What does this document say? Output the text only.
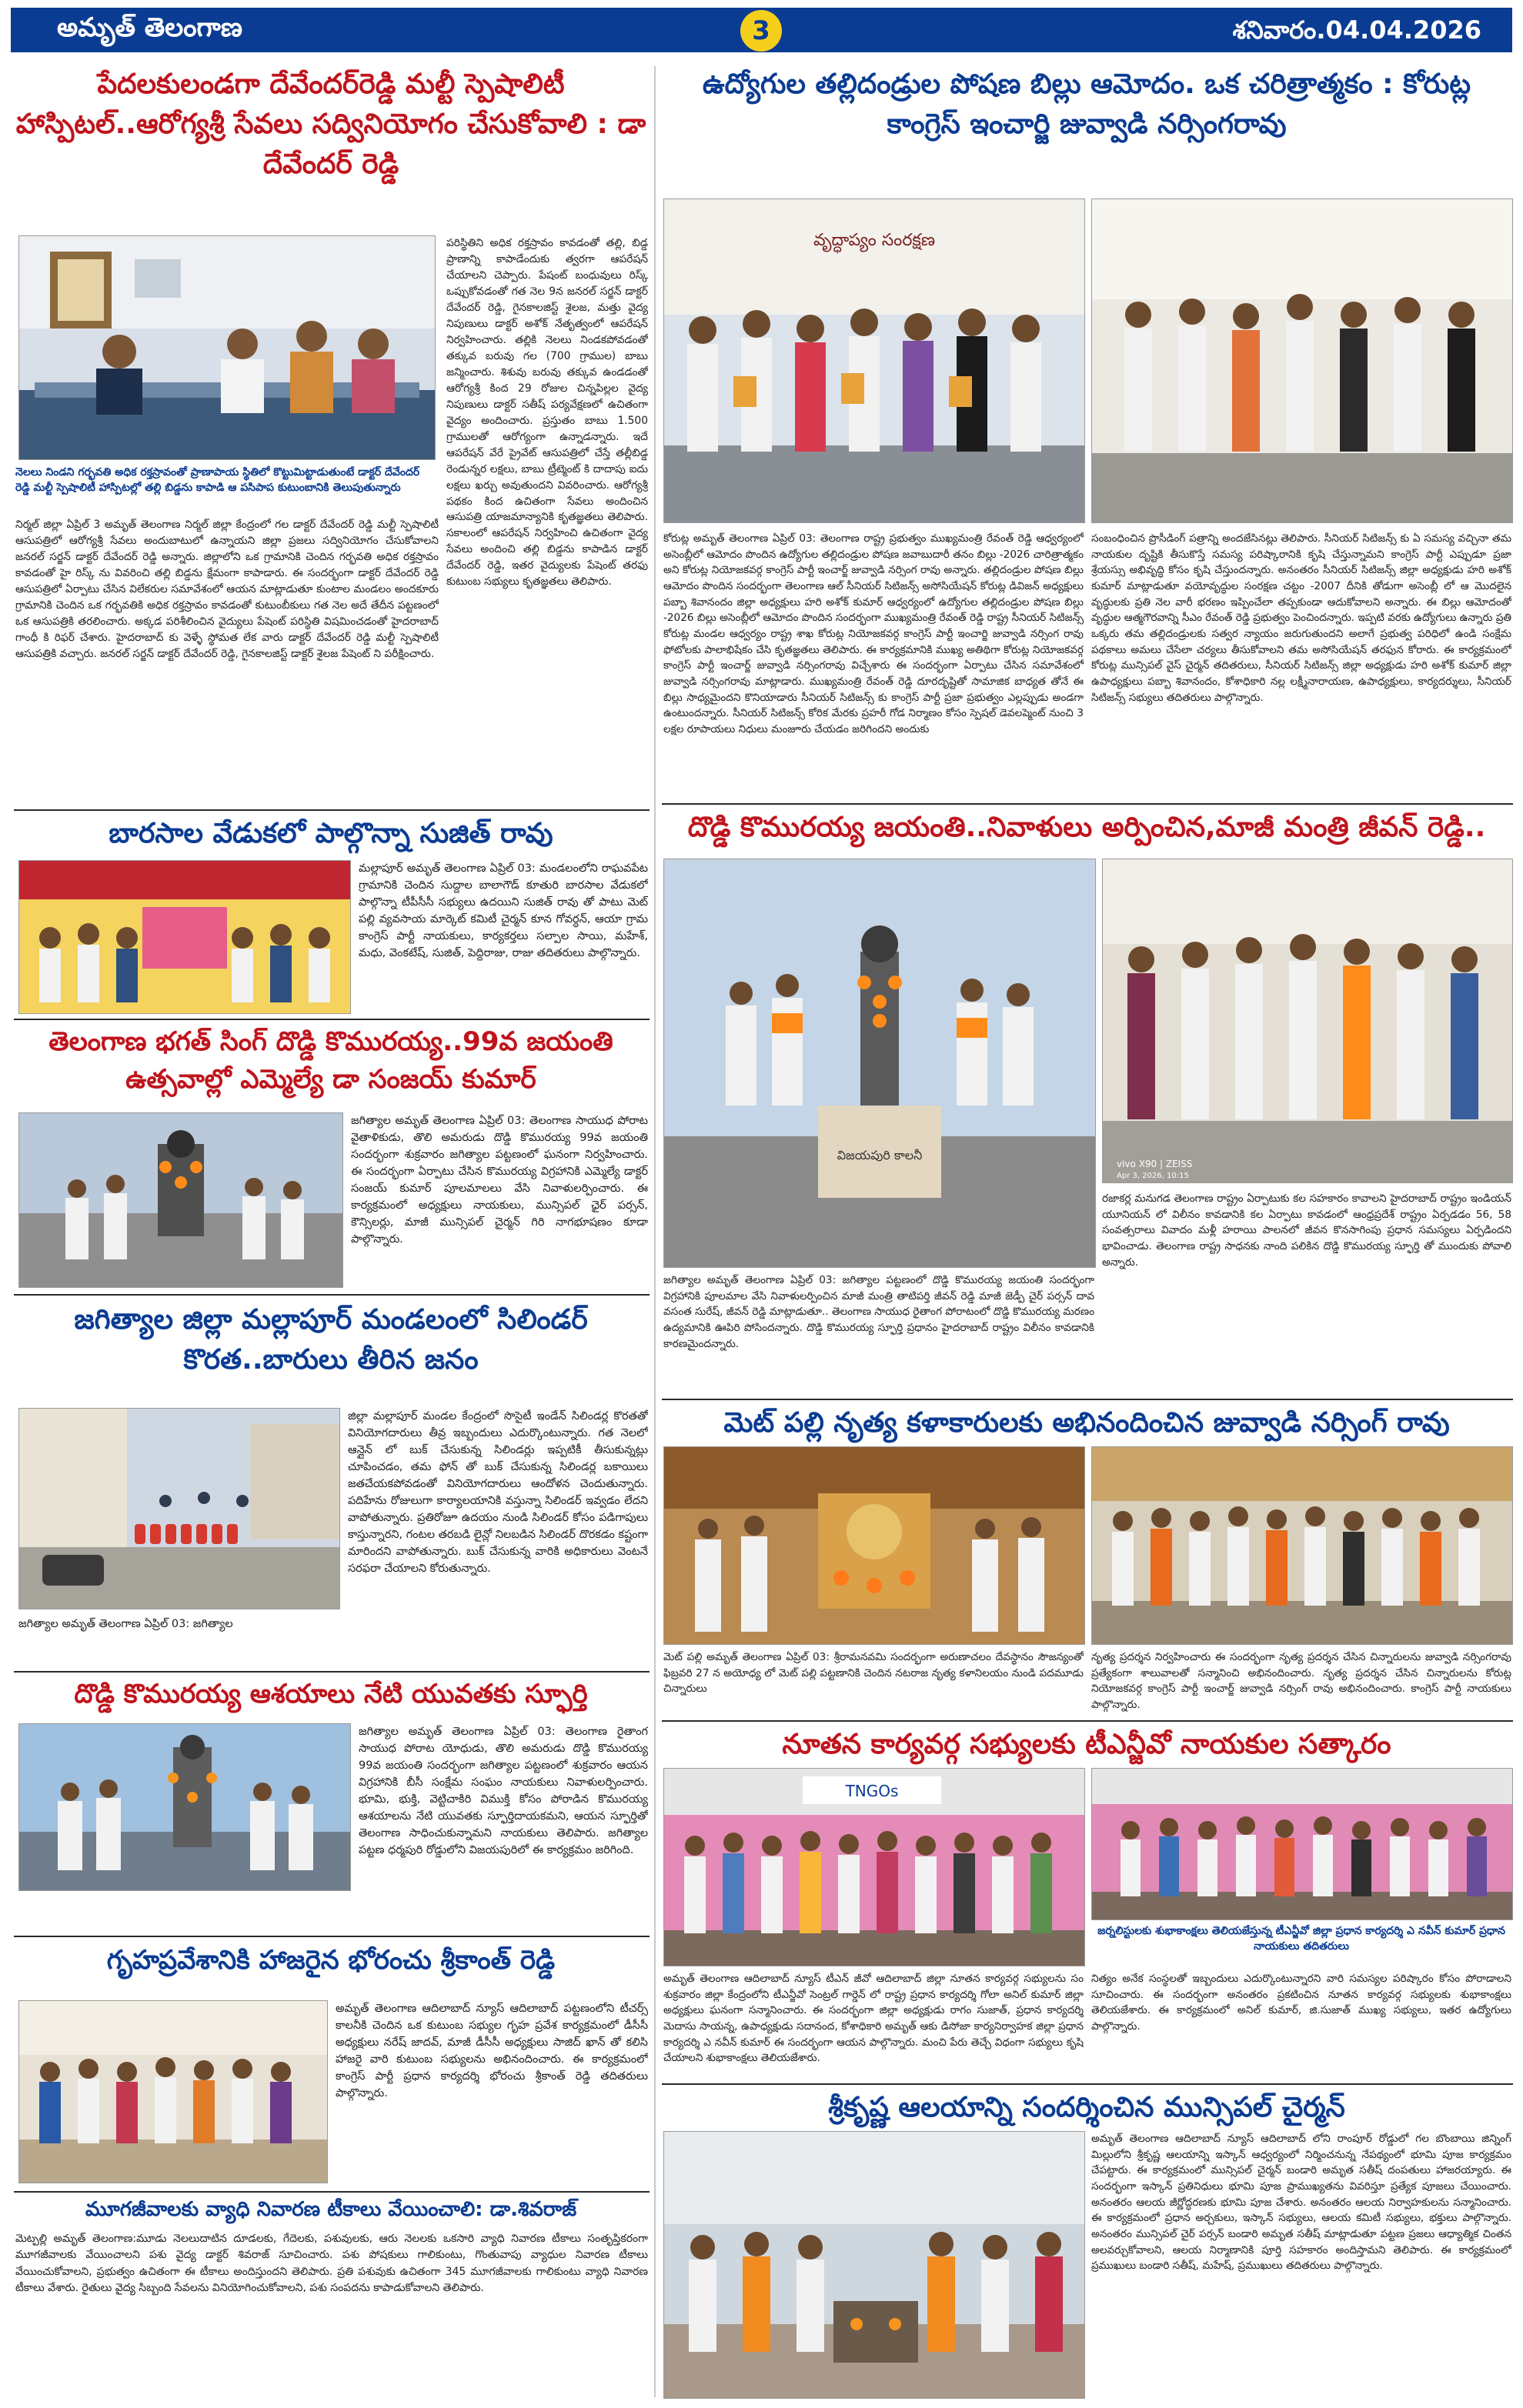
అమృత్ తెలంగాణ	3	శనివారం.04.04.2026
పేదలకులండగా దేవేందర్‌రెడ్డి మల్టీ స్పెషాలిటీ హాస్పిటల్..ఆరోగ్యశ్రీ సేవలు సద్వినియోగం చేసుకోవాలి : డా దేవేందర్ రెడ్డి
నెలలు నిండని గర్భవతి అధిక రక్తస్రావంతో ప్రాణాపాయ స్థితిలో కొట్టుమిట్టాడుతుంటే డాక్టర్ దేవేందర్ రెడ్డి మల్టీ స్పెషాలిటీ హాస్పిటల్లో తల్లి బిడ్డను కాపాడి ఆ పసిపాప కుటుంబానికి తెలుపుతున్నారు
పరిస్థితిని అధిక రక్తస్రావం కావడంతో తల్లి, బిడ్డ ప్రాణాన్ని కాపాడేందుకు త్వరగా ఆపరేషన్ చేయాలని చెప్పారు. పేషంట్ బంధువులు రిస్క్ ఒప్పుకోవడంతో గత నెల 9న జనరల్ సర్జన్ డాక్టర్ దేవేందర్ రెడ్డి, గైనకాలజిస్ట్ శైలజ, మత్తు వైద్య నిపుణులు డాక్టర్ అశోక్ నేతృత్వంలో ఆపరేషన్ నిర్వహించారు. తల్లికి నెలలు నిండకపోవడంతో తక్కువ బరువు గల (700 గ్రాముల) బాబు జన్మించారు. శిశువు బరువు తక్కువ ఉండడంతో ఆరోగ్యశ్రీ కింద 29 రోజుల చిన్నపిల్లల వైద్య నిపుణులు డాక్టర్ సతీష్ పర్యవేక్షణలో ఉచితంగా వైద్యం అందించారు. ప్రస్తుతం బాబు 1.500 గ్రాములతో ఆరోగ్యంగా ఉన్నాడన్నారు. ఇదే ఆపరేషన్ వేరే ప్రైవేట్ ఆసుపత్రిలో చేస్తే తల్లీబిడ్డ రెండున్నర లక్షలు, బాబు ట్రీట్మెంట్ కి దాదాపు ఐదు లక్షలు ఖర్చు అవుతుందని వివరించారు. ఆరోగ్యశ్రీ పథకం కింద ఉచితంగా సేవలు అందించిన ఆసుపత్రి యాజమాన్యానికి కృతజ్ఞతలు తెలిపారు. సకాలంలో ఆపరేషన్ నిర్వహించి ఉచితంగా వైద్య సేవలు అందించి తల్లి బిడ్డను కాపాడిన డాక్టర్ దేవేందర్ రెడ్డి, ఇతర వైద్యులకు పేషెంట్ తరఫు కుటుంబ సభ్యులు కృతజ్ఞతలు తెలిపారు.
నిర్మల్ జిల్లా ఏప్రిల్ 3 అమృత్ తెలంగాణ నిర్మల్ జిల్లా కేంద్రంలో గల డాక్టర్ దేవేందర్ రెడ్డి మల్టీ స్పెషాలిటీ ఆసుపత్రిలో ఆరోగ్యశ్రీ సేవలు అందుబాటులో ఉన్నాయని జిల్లా ప్రజలు సద్వినియోగం చేసుకోవాలని జనరల్ సర్జన్ డాక్టర్ దేవేందర్ రెడ్డి అన్నారు. జిల్లాలోని ఒక గ్రామానికి చెందిన గర్భవతి అధిక రక్తస్రావం కావడంతో హై రిస్క్ ను వివరించి తల్లి బిడ్డను క్షేమంగా కాపాడారు. ఈ సందర్భంగా డాక్టర్ దేవేందర్ రెడ్డి ఆసుపత్రిలో ఏర్పాటు చేసిన విలేకరుల సమావేశంలో ఆయన మాట్లాడుతూ కుంటాల మండలం అందకూరు గ్రామానికి చెందిన ఒక గర్భవతికి అధిక రక్తస్రావం కావడంతో కుటుంబీకులు గత నెల అదే తేదీన పట్టణంలో ఒక ఆసుపత్రికి తరలించారు. అక్కడ పరిశీలించిన వైద్యులు పేషెంట్ పరిస్థితి విషమించడంతో హైదరాబాద్ గాంధీ కి రిఫర్ చేశారు. హైదరాబాద్ కు వెళ్ళే స్థోమత లేక వారు డాక్టర్ దేవేందర్ రెడ్డి మల్టీ స్పెషాలిటీ ఆసుపత్రికి వచ్చారు. జనరల్ సర్జన్ డాక్టర్ దేవేందర్ రెడ్డి, గైనకాలజిస్ట్ డాక్టర్ శైలజ పేషెంట్ ని పరీక్షించారు.
బారసాల వేడుకలో పాల్గొన్నా సుజిత్ రావు
మల్లాపూర్ అమృత్ తెలంగాణ ఏప్రిల్ 03: మండలంలోని రాఘవపేట గ్రామానికి చెందిన సుద్దాల బాలాగౌడ్ కూతురి బారసాల వేడుకలో పాల్గొన్నా టీపీసీసీ సభ్యులు ఉదయిని సుజిత్ రావు తో పాటు మెట్ పల్లి వ్యవసాయ మార్కెట్ కమిటీ చైర్మన్ కూన గోవర్ధన్, ఆయా గ్రామ కాంగ్రెస్ పార్టీ నాయకులు, కార్యకర్తలు సల్పాల సాయి, మహేశ్, మధు, వెంకటేష్, సుజిత్, పెద్దిరాజు, రాజు తదితరులు పాల్గొన్నారు.
తెలంగాణ భగత్ సింగ్ దొడ్డి కొమురయ్య..99వ జయంతి ఉత్సవాల్లో ఎమ్మెల్యే డా సంజయ్ కుమార్
జగిత్యాల అమృత్ తెలంగాణ ఏప్రిల్ 03: తెలంగాణ సాయుధ పోరాట వైతాళికుడు, తొలి అమరుడు దొడ్డి కొమురయ్య 99వ జయంతి సందర్భంగా శుక్రవారం జగిత్యాల పట్టణంలో ఘనంగా నిర్వహించారు. ఈ సందర్భంగా ఏర్పాటు చేసిన కొమురయ్య విగ్రహానికి ఎమ్మెల్యే డాక్టర్ సంజయ్ కుమార్ పూలమాలలు వేసి నివాళులర్పించారు. ఈ కార్యక్రమంలో అధ్యక్షులు నాయకులు, మున్సిపల్ ఛైర్ పర్సన్, కౌన్సిలర్లు, మాజీ మున్సిపల్ చైర్మన్ గిరి నాగభూషణం కూడా పాల్గొన్నారు.
జగిత్యాల జిల్లా మల్లాపూర్ మండలంలో సిలిండర్ కొరత..బారులు తీరిన జనం
జిల్లా మల్లాపూర్ మండల కేంద్రంలో సొసైటీ ఇండేన్ సిలిండర్ల కొరతతో వినియోగదారులు తీవ్ర ఇబ్బందులు ఎదుర్కొంటున్నారు. గత నెలలో ఆన్లైన్ లో బుక్ చేసుకున్న సిలిండర్లు ఇప్పటికీ తీసుకున్నట్లు చూపించడం, తమ ఫోన్ తో బుక్ చేసుకున్న సిలిండర్ల బకాయిలు జతచేయకపోవడంతో వినియోగదారులు ఆందోళన చెందుతున్నారు. పదిహేను రోజులుగా కార్యాలయానికి వస్తున్నా సిలిండర్ ఇవ్వడం లేదని వాపోతున్నారు. ప్రతిరోజూ ఉదయం నుండి సిలిండర్ కోసం పడిగాపులు కాస్తున్నారని, గంటల తరబడి లైన్లో నిలబడిన సిలిండర్ దొరకడం కష్టంగా మారిందని వాపోతున్నారు. బుక్ చేసుకున్న వారికి అధికారులు వెంటనే సరఫరా చేయాలని కోరుతున్నారు.
జగిత్యాల అమృత్ తెలంగాణ ఏప్రిల్ 03: జగిత్యాల
దొడ్డి కొమురయ్య ఆశయాలు నేటి యువతకు స్ఫూర్తి
జగిత్యాల అమృత్ తెలంగాణ ఏప్రిల్ 03: తెలంగాణ రైతాంగ సాయుధ పోరాట యోధుడు, తొలి అమరుడు దొడ్డి కొమురయ్య 99వ జయంతి సందర్భంగా జగిత్యాల పట్టణంలో శుక్రవారం ఆయన విగ్రహానికి బీసీ సంక్షేమ సంఘం నాయకులు నివాళులర్పించారు. భూమి, భుక్తి, వెట్టిచాకిరి విముక్తి కోసం పోరాడిన కొమురయ్య ఆశయాలను నేటి యువతకు స్ఫూర్తిదాయకమని, ఆయన స్ఫూర్తితో తెలంగాణ సాధించుకున్నామని నాయకులు తెలిపారు. జగిత్యాల పట్టణ ధర్మపురి రోడ్డులోని విజయపురిలో ఈ కార్యక్రమం జరిగింది.
గృహప్రవేశానికి హాజరైన భోరంచు శ్రీకాంత్ రెడ్డి
అమృత్ తెలంగాణ ఆదిలాబాద్ న్యూస్ ఆదిలాబాద్ పట్టణంలోని టీచర్స్ కాలనీకి చెందిన ఒక కుటుంబ సభ్యుల గృహ ప్రవేశ కార్యక్రమంలో డీసీసీ అధ్యక్షులు నరేష్ జాదవ్, మాజీ డీసీసీ అధ్యక్షులు సాజిద్ ఖాన్ తో కలిసి హాజరై వారి కుటుంబ సభ్యులను అభినందించారు. ఈ కార్యక్రమంలో కాంగ్రెస్ పార్టీ ప్రధాన కార్యదర్శి భోరంచు శ్రీకాంత్ రెడ్డి తదితరులు పాల్గొన్నారు.
మూగజీవాలకు వ్యాధి నివారణ టీకాలు వేయించాలి: డా.శివరాజ్
మెట్పల్లి అమృత్ తెలంగాణ:మూడు నెలలుదాటిన దూడలకు, గేదెలకు, పశువులకు, ఆరు నెలలకు ఒకసారి వ్యాధి నివారణ టీకాలు సంతృప్తికరంగా మూగజీవాలకు వేయించాలని పశు వైద్య డాక్టర్ శివరాజ్ సూచించారు. పశు పోషకులు గాలికుంటు, గొంతువాపు వ్యాధుల నివారణ టీకాలు వేయించుకోవాలని, ప్రభుత్వం ఉచితంగా ఈ టీకాలు అందిస్తుందని తెలిపారు. ప్రతి పశువుకు ఉచితంగా 345 మూగజీవాలకు గాలికుంటు వ్యాధి నివారణ టీకాలు వేశారు. రైతులు వైద్య సిబ్బంది సేవలను వినియోగించుకోవాలని, పశు సంపదను కాపాడుకోవాలని తెలిపారు.
ఉద్యోగుల తల్లిదండ్రుల పోషణ బిల్లు ఆమోదం. ఒక చరిత్రాత్మకం : కోరుట్ల కాంగ్రెస్ ఇంచార్జి జువ్వాడి నర్సింగరావు
వృద్ధాప్యం సంరక్షణ
కోరుట్ల అమృత్ తెలంగాణ ఏప్రిల్ 03: తెలంగాణ రాష్ట్ర ప్రభుత్వం ముఖ్యమంత్రి రేవంత్ రెడ్డి ఆధ్వర్యంలో అసెంబ్లీలో ఆమోదం పొందిన ఉద్యోగుల తల్లిదండ్రుల పోషణ జవాబుదారీ తనం బిల్లు -2026 చారిత్రాత్మకం అని కోరుట్ల నియోజకవర్గ కాంగ్రెస్ పార్టీ ఇంచార్జ్ జువ్వాడి నర్సింగ రావు అన్నారు. తల్లిదండ్రుల పోషణ బిల్లు ఆమోదం పొందిన సందర్భంగా తెలంగాణ ఆల్ సీనియర్ సిటిజన్స్ అసోసియేషన్ కోరుట్ల డివిజన్ అధ్యక్షులు పబ్బా శివానందం జిల్లా అధ్యక్షులు హరి అశోక్ కుమార్ ఆధ్వర్యంలో ఉద్యోగుల తల్లిదండ్రుల పోషణ బిల్లు -2026 బిల్లు అసెంబ్లీలో ఆమోదం పొందిన సందర్భంగా ముఖ్యమంత్రి రేవంత్ రెడ్డి రాష్ట్ర సీనియర్ సిటిజన్స్ కోరుట్ల మండల ఆధ్వర్యం రాష్ట్ర శాఖ కోరుట్ల నియోజకవర్గ కాంగ్రెస్ పార్టీ ఇంచార్జి జువ్వాడి నర్సింగ రావు ఫోటోలకు పాలాభిషేకం చేసి కృతజ్ఞతలు తెలిపారు. ఈ కార్యక్రమానికి ముఖ్య అతిథిగా కోరుట్ల నియోజకవర్గ కాంగ్రెస్ పార్టీ ఇంచార్జ్ జువ్వాడి నర్సింగరావు విచ్చేశారు ఈ సందర్భంగా ఏర్పాటు చేసిన సమావేశంలో జువ్వాడి నర్సింగరావు మాట్లాడారు. ముఖ్యమంత్రి రేవంత్ రెడ్డి దూరదృష్టితో సామాజిక బాధ్యత తోనే ఈ బిల్లు సాధ్యమైందని కొనియాడారు సీనియర్ సిటిజన్స్ కు కాంగ్రెస్ పార్టీ ప్రజా ప్రభుత్వం ఎల్లప్పుడు అండగా ఉంటుందన్నారు. సీనియర్ సిటిజన్స్ కోరిక మేరకు ప్రహరీ గోడ నిర్మాణం కోసం స్పెషల్ డెవలప్మెంట్ నుంచి 3 లక్షల రూపాయలు నిధులు మంజూరు చేయడం జరిగిందని అందుకు
సంబంధించిన ప్రొసీడింగ్ పత్రాన్ని అందజేసినట్లు తెలిపారు. సీనియర్ సిటిజన్స్ కు ఏ సమస్య వచ్చినా తమ నాయకుల దృష్టికి తీసుకొస్తే సమస్య పరిష్కారానికి కృషి చేస్తున్నామని కాంగ్రెస్ పార్టీ ఎప్పుడూ ప్రజా శ్రేయస్సు అభివృద్ధి కోసం కృషి చేస్తుందన్నారు. అనంతరం సీనియర్ సిటిజన్స్ జిల్లా అధ్యక్షుడు హరి అశోక్ కుమార్ మాట్లాడుతూ వయోవృద్ధుల సంరక్షణ చట్టం -2007 దీనికి తోడుగా అసెంబ్లీ లో ఆ మొదలైన వృద్ధులకు ప్రతి నెల వారీ భరణం ఇప్పించేలా తప్పకుండా ఆదుకోవాలని అన్నారు. ఈ బిల్లు ఆమోదంతో వృద్ధుల ఆత్మగౌరవాన్ని సీఎం రేవంత్ రెడ్డి ప్రభుత్వం పెంచిందన్నారు. ఇప్పటి వరకు ఉద్యోగులు ఉన్నారు ప్రతి ఒక్కరు తమ తల్లిదండ్రులకు సత్వర న్యాయం జరుగుతుందని అలాగే ప్రభుత్వ పరిధిలో ఉండి సంక్షేమ పథకాలు అమలు చేసేలా చర్యలు తీసుకోవాలని తమ అసోసియేషన్ తరఫున కోరారు. ఈ కార్యక్రమంలో కోరుట్ల మున్సిపల్ వైస్ చైర్మన్ తదితరులు, సీనియర్ సిటిజన్స్ జిల్లా అధ్యక్షుడు హరి అశోక్ కుమార్ జిల్లా ఉపాధ్యక్షులు పబ్బా శివానందం, కోశాధికారి నల్ల లక్ష్మీనారాయణ, ఉపాధ్యక్షులు, కార్యదర్శులు, సీనియర్ సిటిజన్స్ సభ్యులు తదితరులు పాల్గొన్నారు.
దొడ్డి కొమురయ్య జయంతి..నివాళులు అర్పించిన,మాజీ మంత్రి జీవన్ రెడ్డి..
విజయపురి కాలనీ
vivo X90 | ZEISS
Apr 3, 2026, 10:15
జగిత్యాల అమృత్ తెలంగాణ ఏప్రిల్ 03: జగిత్యాల పట్టణంలో దొడ్డి కొమురయ్య జయంతి సందర్భంగా విగ్రహానికి పూలమాల వేసి నివాళులర్పించిన మాజీ మంత్రి తాటిపర్తి జీవన్ రెడ్డి మాజీ జెడ్పీ చైర్ పర్సన్ దావ వసంత సురేష్, జీవన్ రెడ్డి మాట్లాడుతూ.. తెలంగాణ సాయుధ రైతాంగ పోరాటంలో దొడ్డి కొమురయ్య మరణం ఉద్యమానికి ఊపిరి పోసిందన్నారు. దొడ్డి కొమురయ్య స్ఫూర్తి ప్రధానం హైదరాబాద్ రాష్ట్రం విలీనం కావడానికి కారణమైందన్నారు.
రజాకర్ల మనుగడ తెలంగాణ రాష్ట్రం ఏర్పాటుకు కల సహకారం కావాలని హైదరాబాద్ రాష్ట్రం ఇండియన్ యూనియన్ లో విలీనం కావడానికి కల ఏర్పాటు కావడంలో ఆంధ్రప్రదేశ్ రాష్ట్రం ఏర్పడడం 56, 58 సంవత్సరాలు వివాదం మళ్లీ హరాయి పాలనలో జీవన కొనసాగింపు ప్రధాన సమస్యలు ఏర్పడిందని భావించాడు. తెలంగాణ రాష్ట్ర సాధనకు నాంది పలికిన దొడ్డి కొమురయ్య స్ఫూర్తి తో ముందుకు పోవాలి అన్నారు.
మెట్ పల్లి నృత్య కళాకారులకు అభినందించిన జువ్వాడి నర్సింగ్ రావు
మెట్ పల్లి అమృత్ తెలంగాణ ఏప్రిల్ 03: శ్రీరామనవమి సందర్భంగా అరుణాచలం దేవస్థానం సౌజన్యంతో ఫిబ్రవరి 27 న అయోధ్య లో మెట్ పల్లి పట్టణానికి చెందిన నటరాజ నృత్య కళానిలయం నుండి పదమూడు చిన్నారులు
నృత్య ప్రదర్శన నిర్వహించారు ఈ సందర్భంగా నృత్య ప్రదర్శన చేసిన చిన్నారులను జువ్వాడి నర్సింగరావు ప్రత్యేకంగా శాలువాలతో సన్మానించి అభినందించారు. నృత్య ప్రదర్శన చేసిన చిన్నారులను కోరుట్ల నియోజకవర్గ కాంగ్రెస్ పార్టీ ఇంచార్జ్ జువ్వాడి నర్సింగ్ రావు అభినందించారు. కాంగ్రెస్ పార్టీ నాయకులు పాల్గొన్నారు.
నూతన కార్యవర్గ సభ్యులకు టీఎన్జీవో నాయకుల సత్కారం
TNGOs
జర్నలిస్టులకు శుభాకాంక్షలు తెలియజేస్తున్న టీఎన్జీవో జిల్లా ప్రధాన కార్యదర్శి ఎ నవీన్ కుమార్ ప్రధాన నాయకులు తదితరులు
అమృత్ తెలంగాణ ఆదిలాబాద్ న్యూస్ టీఎన్ జీవో ఆదిలాబాద్ జిల్లా నూతన కార్యవర్గ సభ్యులను సం శుక్రవారం జిల్లా కేంద్రంలోని టీఎన్జీవో సెంట్రల్ గార్డెన్ లో రాష్ట్ర ప్రధాన కార్యదర్శి గోలా అనిల్ కుమార్ జిల్లా అధ్యక్షులు ఘనంగా సన్మానించారు. ఈ సందర్భంగా జిల్లా అధ్యక్షుడు రాగం సుజాత్, ప్రధాన కార్యదర్శి మెదాసు సాయన్న, ఉపాధ్యక్షుడు సదానంద, కోశాధికారి అమృత్ ఆకు డిసోజా కార్యనిర్వాహక జిల్లా ప్రధాన కార్యదర్శి ఎ నవీన్ కుమార్ ఈ సందర్భంగా ఆయన పాల్గొన్నారు. మంచి పేరు తెచ్చే విధంగా సభ్యులు కృషి చేయాలని శుభాకాంక్షలు తెలియజేశారు.
నిత్యం అనేక సంస్థలతో ఇబ్బందులు ఎదుర్కొంటున్నారని వారి సమస్యల పరిష్కారం కోసం పోరాడాలని సూచించారు. ఈ సందర్భంగా అనంతరం ప్రకటించిన నూతన కార్యవర్గ సభ్యులకు శుభాకాంక్షలు తెలియజేశారు. ఈ కార్యక్రమంలో అనిల్ కుమార్, జి.సుజాత్ ముఖ్య సభ్యులు, ఇతర ఉద్యోగులు పాల్గొన్నారు.
శ్రీకృష్ణ ఆలయాన్ని సందర్శించిన మున్సిపల్ చైర్మన్
అమృత్ తెలంగాణ ఆదిలాబాద్ న్యూస్ ఆదిలాబాద్ లోని రాంపూర్ రోడ్డులో గల బొంబాయి జిన్నింగ్ మిల్లులోని శ్రీకృష్ణ ఆలయాన్ని ఇస్కాన్ ఆధ్వర్యంలో నిర్మించనున్న నేపథ్యంలో భూమి పూజ కార్యక్రమం చేపట్టారు. ఈ కార్యక్రమంలో మున్సిపల్ చైర్మన్ బండారి అమృత సతీష్ దంపతులు హాజరయ్యారు. ఈ సందర్భంగా ఇస్కాన్ ప్రతినిధులు భూమి పూజ ప్రాముఖ్యతను వివరిస్తూ ప్రత్యేక పూజలు చేయించారు. అనంతరం ఆలయ జీర్ణోద్ధరణకు భూమి పూజ చేశారు. అనంతరం ఆలయ నిర్వాహకులను సన్మానించారు. ఈ కార్యక్రమంలో ప్రధాన అర్చకులు, ఇస్కాన్ సభ్యులు, ఆలయ కమిటీ సభ్యులు, భక్తులు పాల్గొన్నారు. అనంతరం మున్సిపల్ చైర్ పర్సన్ బండారి అమృత సతీష్ మాట్లాడుతూ పట్టణ ప్రజలు ఆధ్యాత్మిక చింతన అలవర్చుకోవాలని, ఆలయ నిర్మాణానికి పూర్తి సహకారం అందిస్తామని తెలిపారు. ఈ కార్యక్రమంలో ప్రముఖులు బండారి సతీష్, మహేష్, ప్రముఖులు తదితరులు పాల్గొన్నారు.
